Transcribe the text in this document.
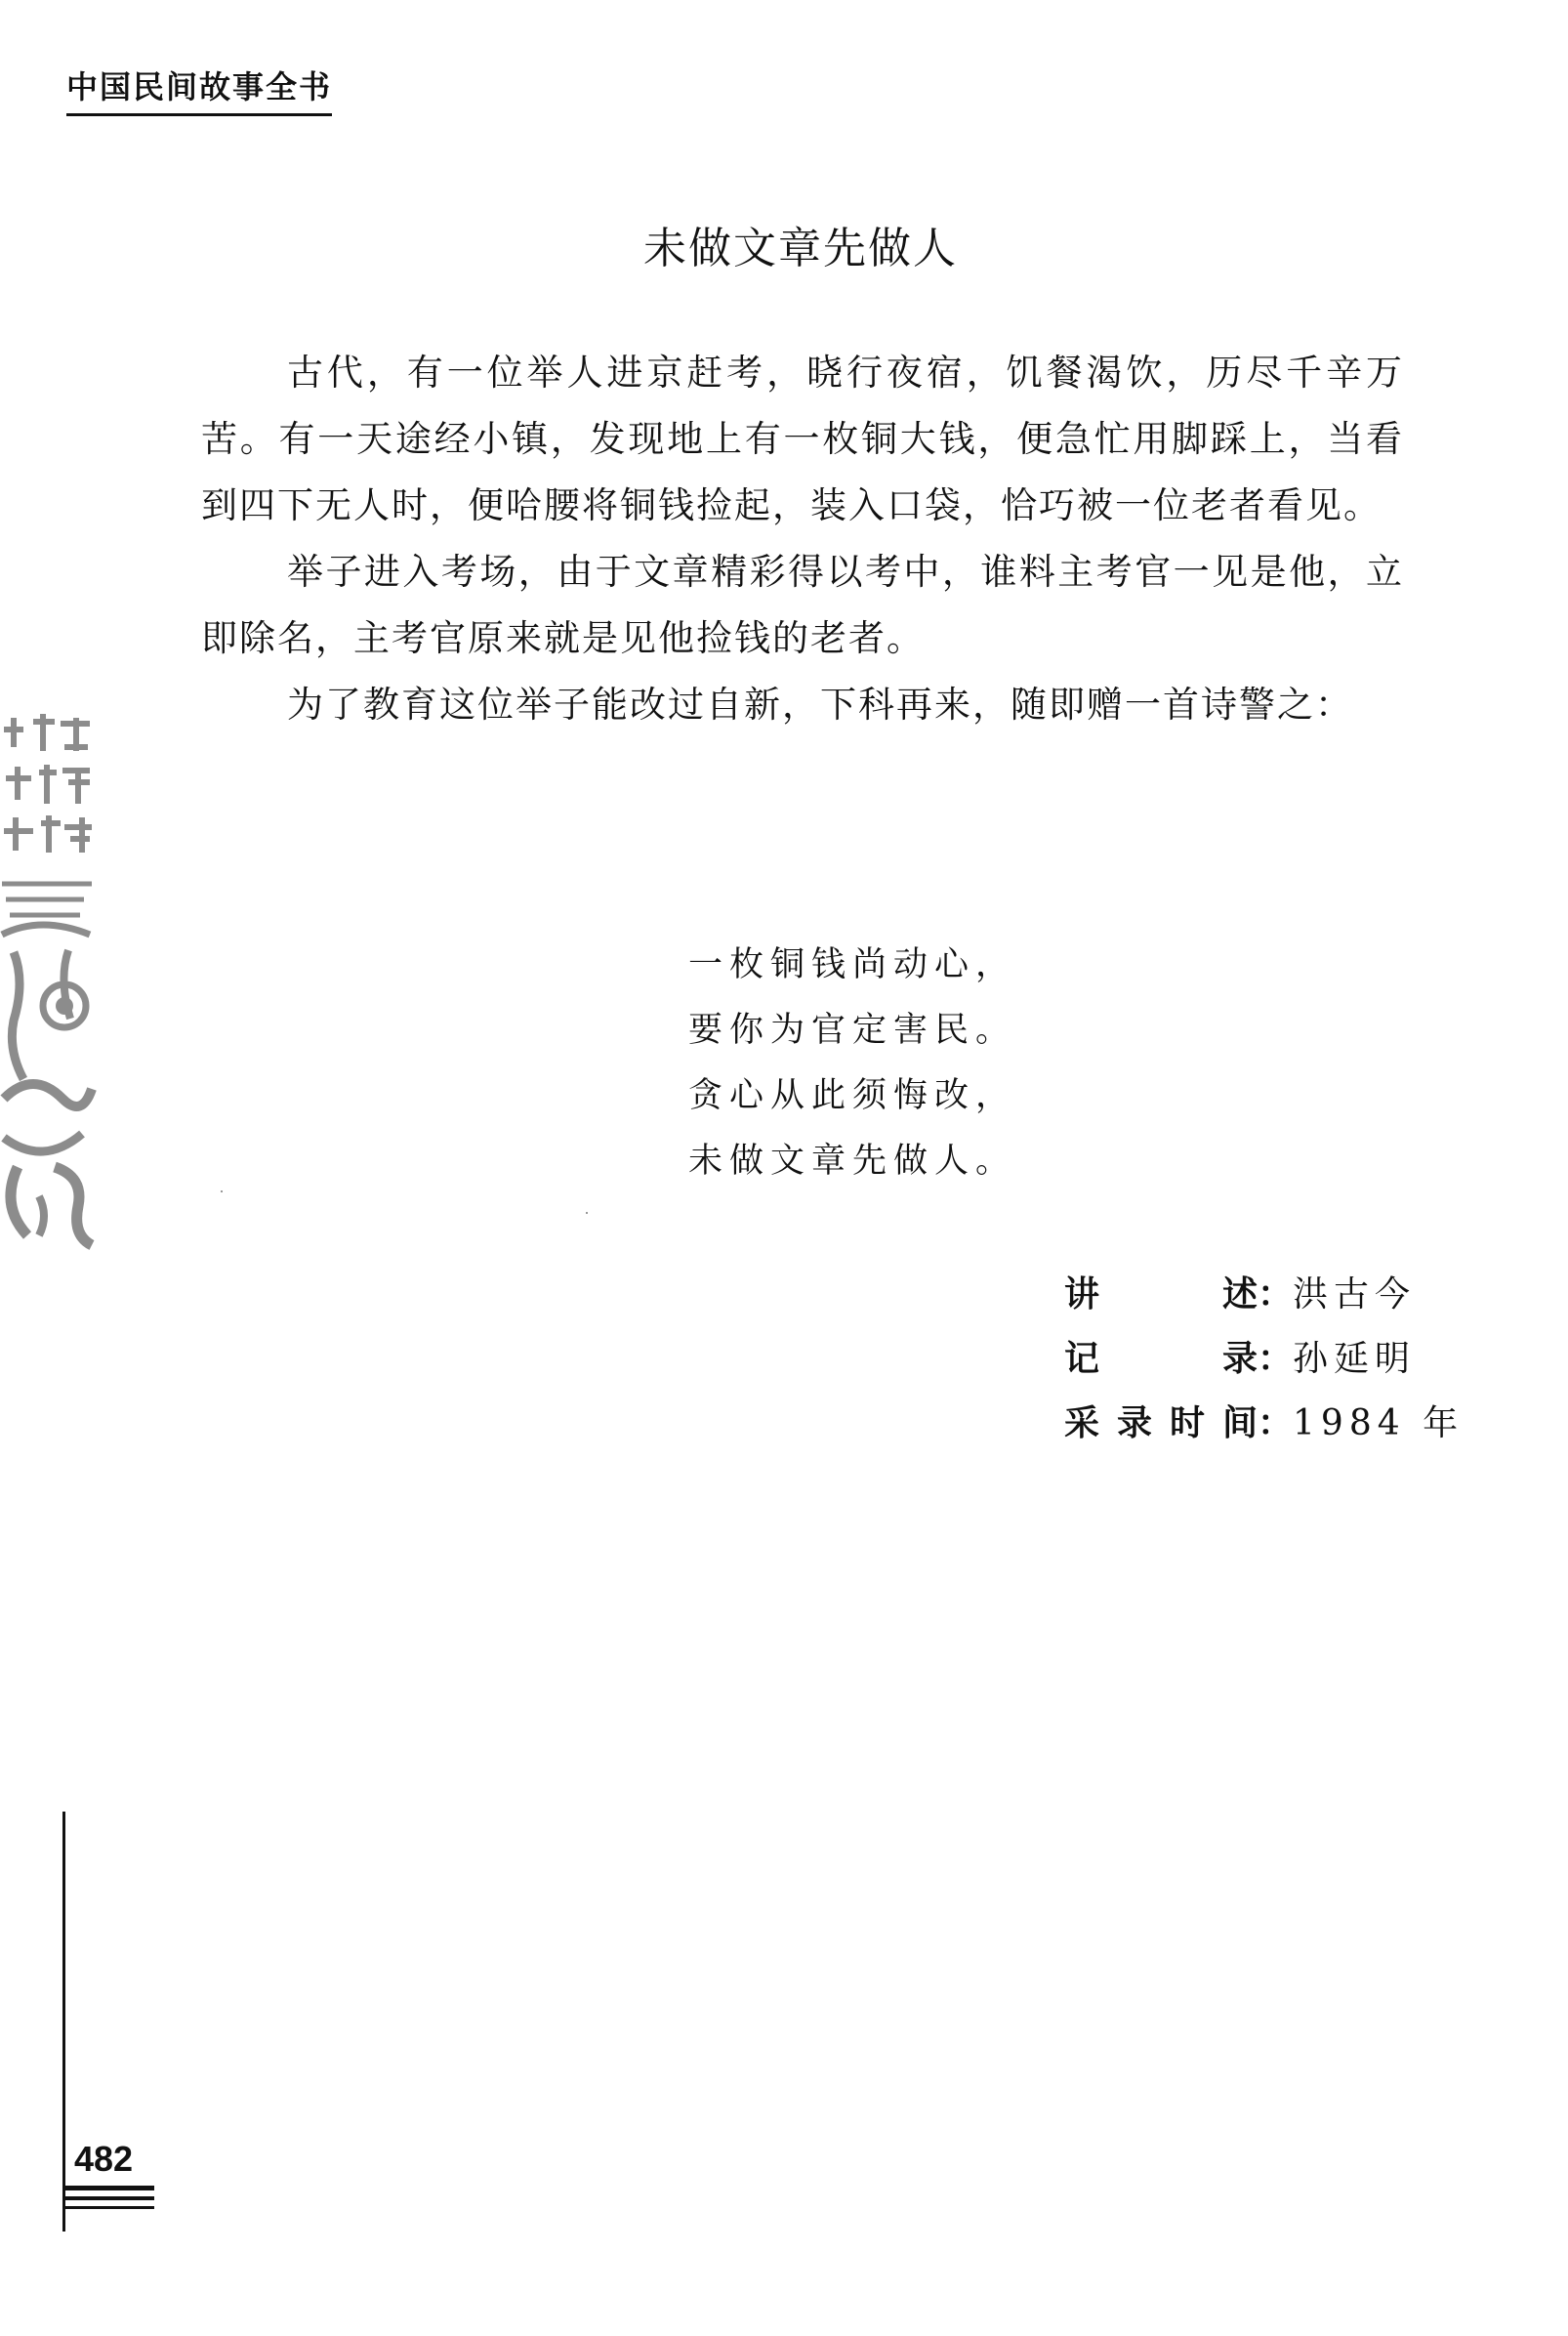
中国民间故事全书
未做文章先做人

古代，有一位举人进京赶考，晓行夜宿，饥餐渴饮，历尽千辛万苦。有一天途经小镇，发现地上有一枚铜大钱，便急忙用脚踩上，当看到四下无人时，便哈腰将铜钱捡起，装入口袋，恰巧被一位老者看见。

举子进入考场，由于文章精彩得以考中，谁料主考官一见是他，立即除名，主考官原来就是见他捡钱的老者。

为了教育这位举子能改过自新，下科再来，随即赠一首诗警之：

一枚铜钱尚动心，
要你为官定害民。
贪心从此须悔改，
未做文章先做人。
讲述：洪古今
记录：孙延明
采录时间：1984 年
482
